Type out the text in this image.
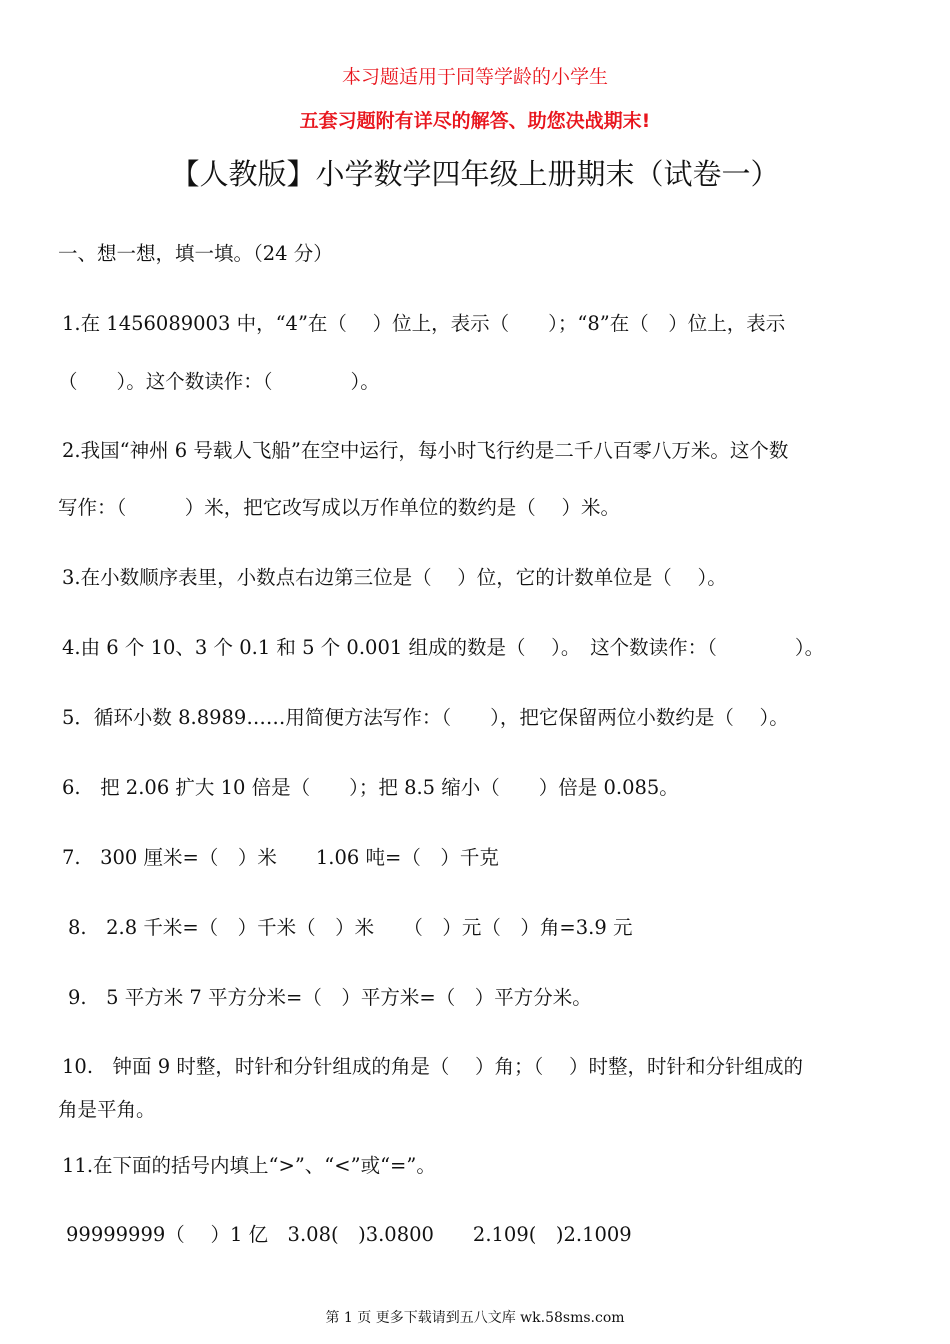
本习题适用于同等学龄的小学生
五套习题附有详尽的解答、助您决战期末!
【人教版】小学数学四年级上册期末（试卷一）
一、想一想，填一填。（24 分）
1.在 1456089003 中，“4”在（　 ）位上，表示（　　）；“8”在（　）位上，表示
（　　）。这个数读作：（　　　　）。
2.我国“神州 6 号载人飞船”在空中运行，每小时飞行约是二千八百零八万米。这个数
写作：（　　　）米，把它改写成以万作单位的数约是（　 ）米。
3.在小数顺序表里，小数点右边第三位是（　 ）位，它的计数单位是（　 ）。
4.由 6 个 10、3 个 0.1 和 5 个 0.001 组成的数是（　 ）。　这个数读作：（　　　　）。
5．循环小数 8.8989……用简便方法写作：（　　），把它保留两位小数约是（　 ）。
6.　把 2.06 扩大 10 倍是（　　）；把 8.5 缩小（　　）倍是 0.085。
7.　300 厘米=（　）米　　1.06 吨=（　）千克
8.　2.8 千米=（　）千米（　）米　　（　）元（　）角=3.9 元
9.　5 平方米 7 平方分米=（　）平方米=（　）平方分米。
10.　钟面 9 时整，时针和分针组成的角是（　 ）角；（　 ）时整，时针和分针组成的
角是平角。
11.在下面的括号内填上“>”、“<”或“=”。
99999999（　 ）1 亿　3.08(　)3.0800　　2.109(　)2.1009
第 1 页 更多下载请到五八文库 wk.58sms.com
